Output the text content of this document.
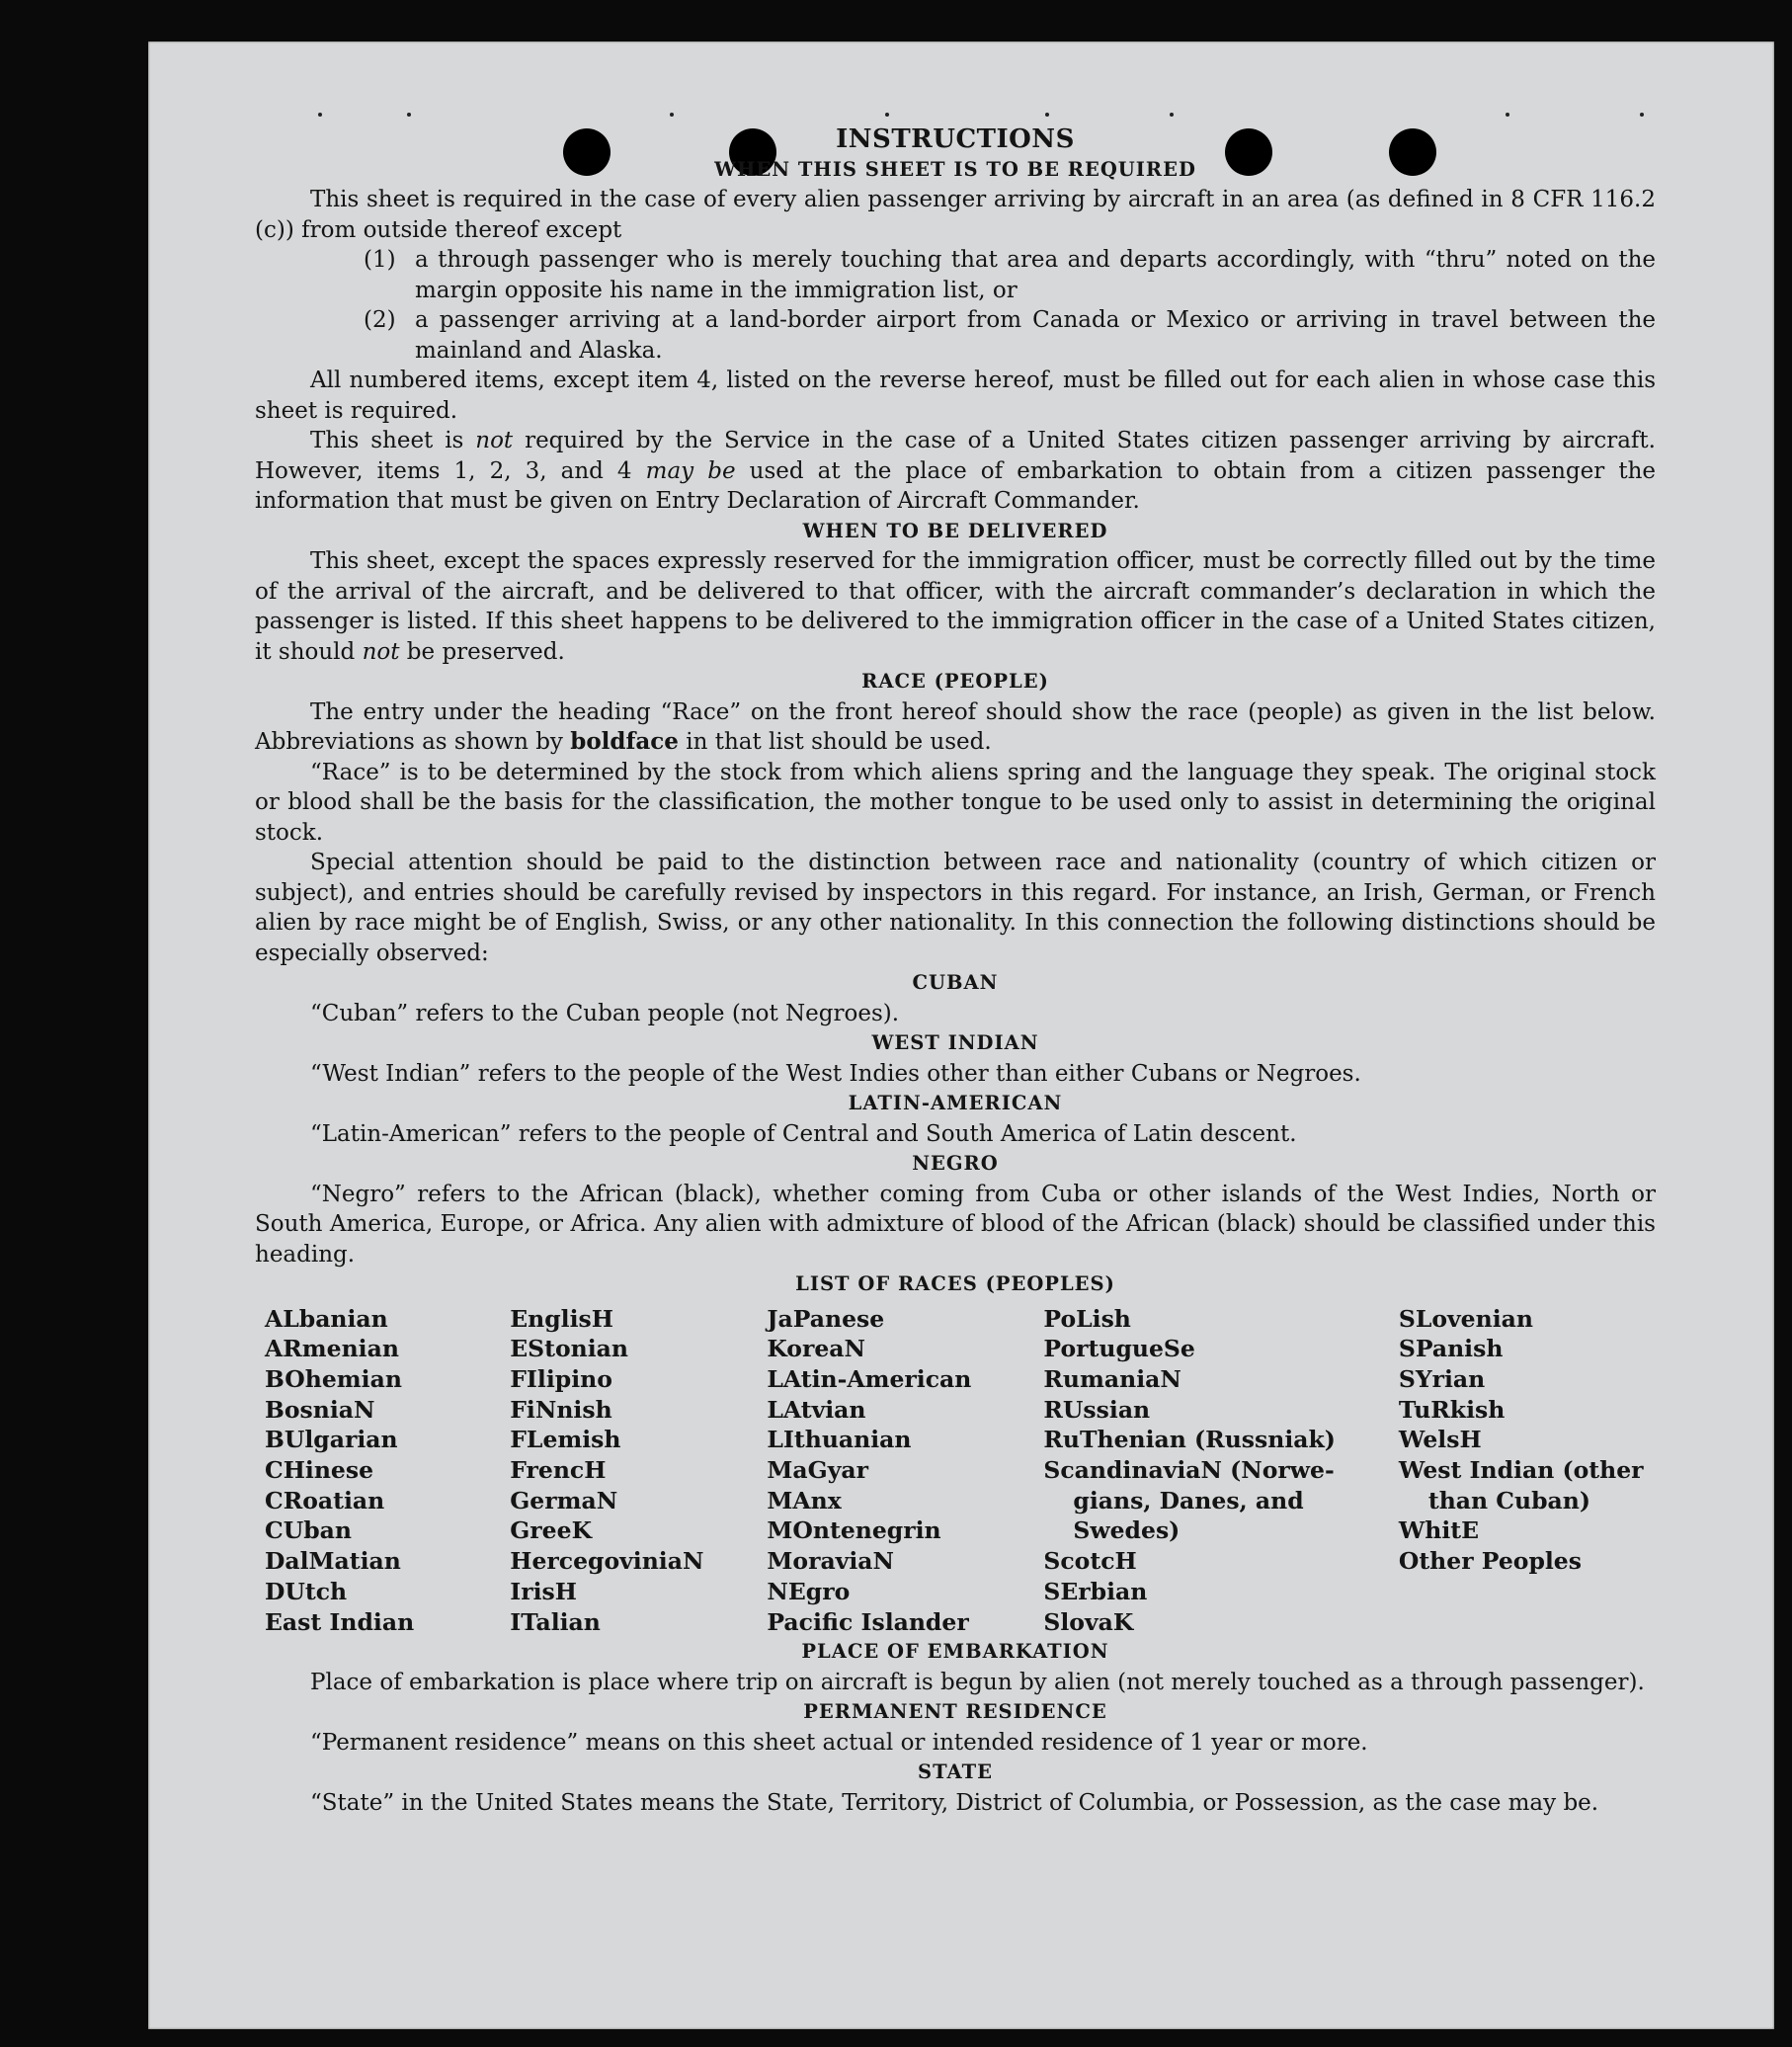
INSTRUCTIONS

WHEN THIS SHEET IS TO BE REQUIRED

This sheet is required in the case of every alien passenger arriving by aircraft in an area (as defined in 8 CFR 116.2 (c)) from outside thereof except

(1) a through passenger who is merely touching that area and departs accordingly, with “thru” noted on the margin opposite his name in the immigration list, or
(2) a passenger arriving at a land-border airport from Canada or Mexico or arriving in travel between the mainland and Alaska.

All numbered items, except item 4, listed on the reverse hereof, must be filled out for each alien in whose case this sheet is required.

This sheet is not required by the Service in the case of a United States citizen passenger arriving by aircraft. However, items 1, 2, 3, and 4 may be used at the place of embarkation to obtain from a citizen passenger the information that must be given on Entry Declaration of Aircraft Commander.

WHEN TO BE DELIVERED

This sheet, except the spaces expressly reserved for the immigration officer, must be correctly filled out by the time of the arrival of the aircraft, and be delivered to that officer, with the aircraft commander’s declaration in which the passenger is listed. If this sheet happens to be delivered to the immigration officer in the case of a United States citizen, it should not be preserved.

RACE (PEOPLE)

The entry under the heading “Race” on the front hereof should show the race (people) as given in the list below. Abbreviations as shown by boldface in that list should be used.

“Race” is to be determined by the stock from which aliens spring and the language they speak. The original stock or blood shall be the basis for the classification, the mother tongue to be used only to assist in determining the original stock.

Special attention should be paid to the distinction between race and nationality (country of which citizen or subject), and entries should be carefully revised by inspectors in this regard. For instance, an Irish, German, or French alien by race might be of English, Swiss, or any other nationality. In this connection the following distinctions should be especially observed:

CUBAN

“Cuban” refers to the Cuban people (not Negroes).

WEST INDIAN

“West Indian” refers to the people of the West Indies other than either Cubans or Negroes.

LATIN-AMERICAN

“Latin-American” refers to the people of Central and South America of Latin descent.

NEGRO

“Negro” refers to the African (black), whether coming from Cuba or other islands of the West Indies, North or South America, Europe, or Africa. Any alien with admixture of blood of the African (black) should be classified under this heading.

LIST OF RACES (PEOPLES)

ALbanian

ARmenian

BOhemian

BosniaN

BUlgarian

CHinese

CRoatian

CUban

DalMatian

DUtch

East Indian

EnglisH

EStonian

FIlipino

FiNnish

FLemish

FrencH

GermaN

GreeK

HercegoviniaN

IrisH

ITalian

JaPanese

KoreaN

LAtin-American

LAtvian

LIthuanian

MaGyar

MAnx

MOntenegrin

MoraviaN

NEgro

Pacific Islander

PoLish

PortugueSe

RumaniaN

RUssian

RuThenian (Russniak)

ScandinaviaN (Norwe-

gians, Danes, and

Swedes)

ScotcH

SErbian

SlovaK

SLovenian

SPanish

SYrian

TuRkish

WelsH

West Indian (other

than Cuban)

WhitE

Other Peoples

PLACE OF EMBARKATION

Place of embarkation is place where trip on aircraft is begun by alien (not merely touched as a through passenger).

PERMANENT RESIDENCE

“Permanent residence” means on this sheet actual or intended residence of 1 year or more.

STATE

“State” in the United States means the State, Territory, District of Columbia, or Possession, as the case may be.
